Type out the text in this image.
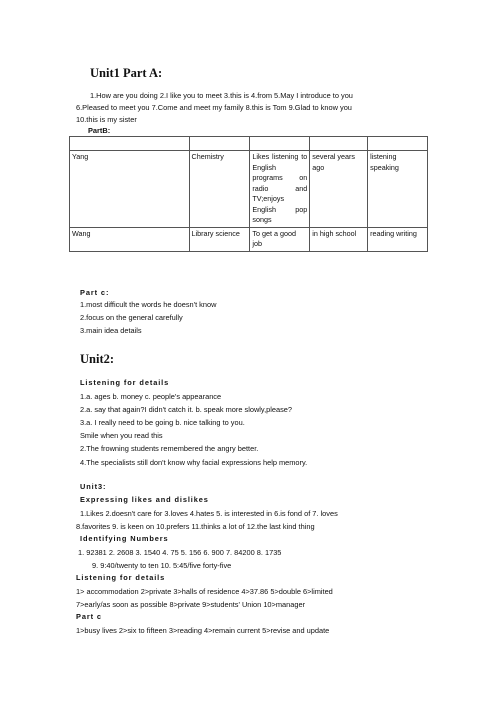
Unit1 Part A:
1.How are you doing 2.I like you to meet 3.this is 4.from 5.May I introduce to you
6.Pleased to meet you 7.Come and meet my family 8.this is Tom 9.Glad to know you
10.this is my sister
PartB:

Yang	Chemistry	Likes listening to English programs on radio and TV;enjoys English pop songs	several years ago	listening speaking
Wang	Library science	To get a good job	in high school	reading writing
Part c:
1.most difficult the words he doesn't know
2.focus on the general carefully
3.main idea details
Unit2:
Listening for details
1.a. ages b. money c. people's appearance
2.a. say that again?I didn't catch it. b. speak more slowly,please?
3.a. I really need to be going b. nice talking to you.
Smile when you read this
2.The frowning students remembered the angry better.
4.The specialists still don't know why facial expressions help memory.
Unit3:
Expressing likes and dislikes
1.Likes 2.doesn't care for 3.loves 4.hates 5. is interested in 6.is fond of 7. loves
8.favorites 9. is keen on 10.prefers 11.thinks a lot of 12.the last kind thing
Identifying Numbers
1. 92381 2. 2608 3. 1540 4. 75 5. 156 6. 900 7. 84200 8. 1735
9. 9:40/twenty to ten 10. 5:45/five forty-five
Listening for details
1> accommodation 2>private 3>halls of residence 4>37.86 5>double 6>limited
7>early/as soon as possible 8>private 9>students' Union 10>manager
Part c
1>busy lives 2>six to fifteen 3>reading 4>remain current 5>revise and update
